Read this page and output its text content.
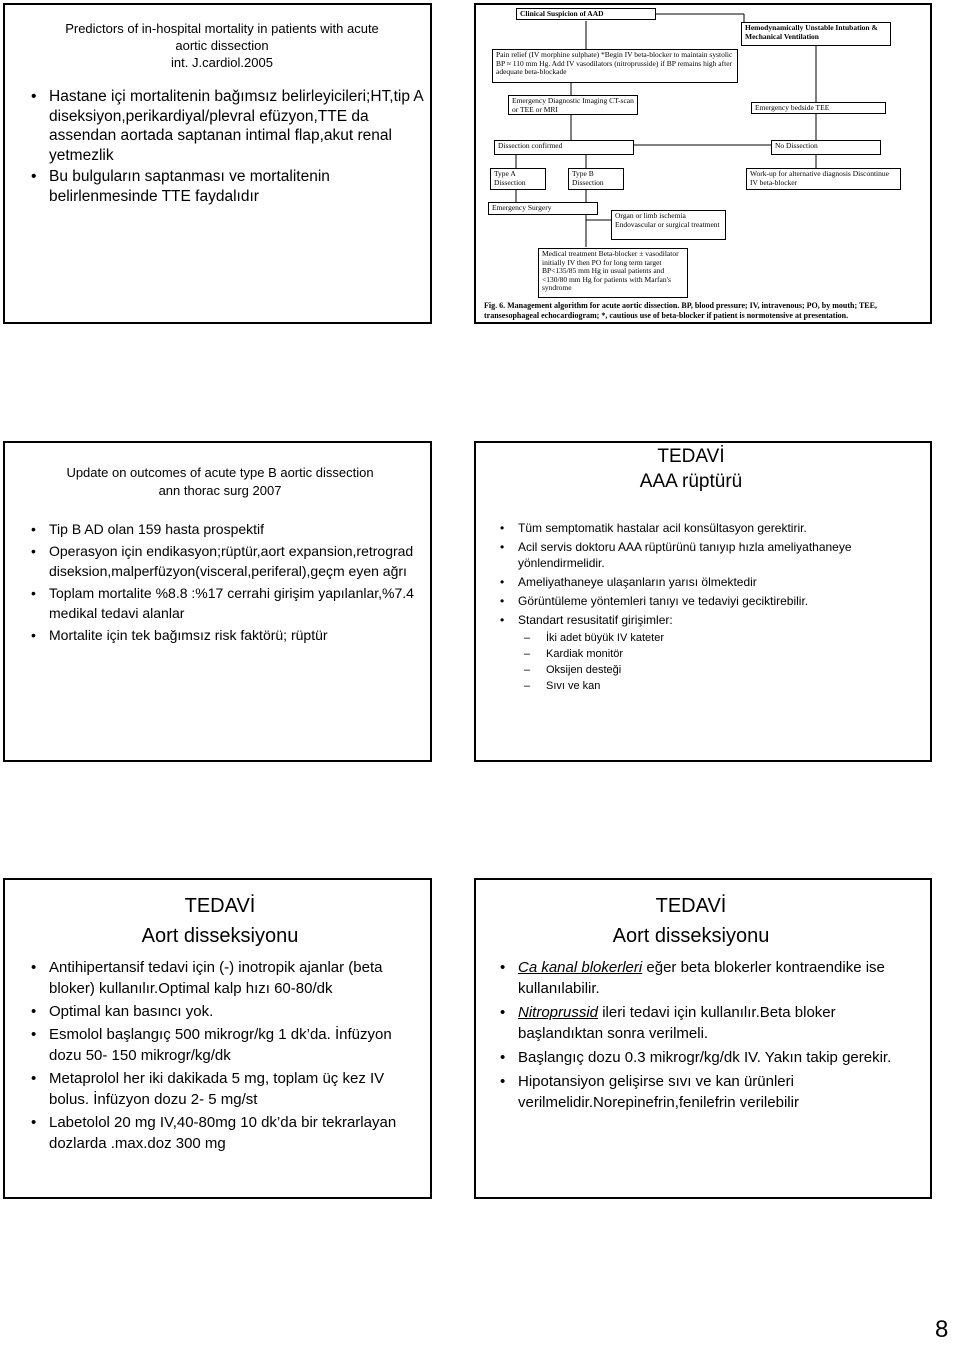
Predictors of in-hospital mortality in patients with acute
aortic dissection
int. J.cardiol.2005
• Hastane içi mortalitenin bağımsız belirleyicileri;HT,tip A diseksiyon,perikardiyal/plevral efüzyon,TTE da assendan aortada saptanan intimal flap,akut renal yetmezlik
• Bu bulguların saptanması ve mortalitenin belirlenmesinde TTE faydalıdır
Clinical Suspicion of AAD
Hemodynamically Unstable Intubation & Mechanical Ventilation
Pain relief (IV morphine sulphate) *Begin IV beta-blocker to maintain systolic BP ≈ 110 mm Hg. Add IV vasodilators (nitroprusside) if BP remains high after adequate beta-blockade
Emergency Diagnostic Imaging CT-scan or TEE or MRI	Emergency bedside TEE
Dissection confirmed	No Dissection
Type A Dissection
Type B Dissection
Work-up for alternative diagnosis Discontinue IV beta-blocker
Emergency Surgery
Organ or limb ischemia Endovascular or surgical treatment
Medical treatment Beta-blocker ± vasodilator initially IV then PO for long term target BP<135/85 mm Hg in usual patients and <130/80 mm Hg for patients with Marfan's syndrome
Fig. 6. Management algorithm for acute aortic dissection. BP, blood pressure; IV, intravenous; PO, by mouth; TEE, transesophageal echocardiogram; *, cautious use of beta-blocker if patient is normotensive at presentation.
Update on outcomes of acute type B aortic dissection
ann thorac surg 2007
• Tip B AD olan 159 hasta prospektif
• Operasyon için endikasyon;rüptür,aort expansion,retrograd diseksion,malperfüzyon(visceral,periferal),geçm eyen ağrı
• Toplam mortalite %8.8 :%17 cerrahi girişim yapılanlar,%7.4 medikal tedavi alanlar
• Mortalite için tek bağımsız risk faktörü; rüptür
TEDAVİ
AAA rüptürü
• Tüm semptomatik hastalar acil konsültasyon gerektirir.
• Acil servis doktoru AAA rüptürünü tanıyıp hızla ameliyathaneye yönlendirmelidir.
• Ameliyathaneye ulaşanların yarısı ölmektedir
• Görüntüleme yöntemleri tanıyı ve tedaviyi geciktirebilir.
• Standart resusitatif girişimler:
– İki adet büyük IV kateter
– Kardiak monitör
– Oksijen desteği
– Sıvı ve kan
TEDAVİ
Aort disseksiyonu
• Antihipertansif tedavi için (-) inotropik ajanlar (beta bloker) kullanılır.Optimal kalp hızı 60-80/dk
• Optimal kan basıncı yok.
• Esmolol başlangıç 500 mikrogr/kg 1 dk’da. İnfüzyon dozu 50- 150 mikrogr/kg/dk
• Metaprolol her iki dakikada 5 mg, toplam üç kez IV bolus. İnfüzyon dozu 2- 5 mg/st
• Labetolol 20 mg IV,40-80mg 10 dk’da bir tekrarlayan dozlarda .max.doz 300 mg
TEDAVİ
Aort disseksiyonu
• Ca kanal blokerleri eğer beta blokerler kontraendike ise kullanılabilir.
• Nitroprussid ileri tedavi için kullanılır.Beta bloker başlandıktan sonra verilmeli.
• Başlangıç dozu 0.3 mikrogr/kg/dk IV. Yakın takip gerekir.
• Hipotansiyon gelişirse sıvı ve kan ürünleri verilmelidir.Norepinefrin,fenilefrin verilebilir
8
